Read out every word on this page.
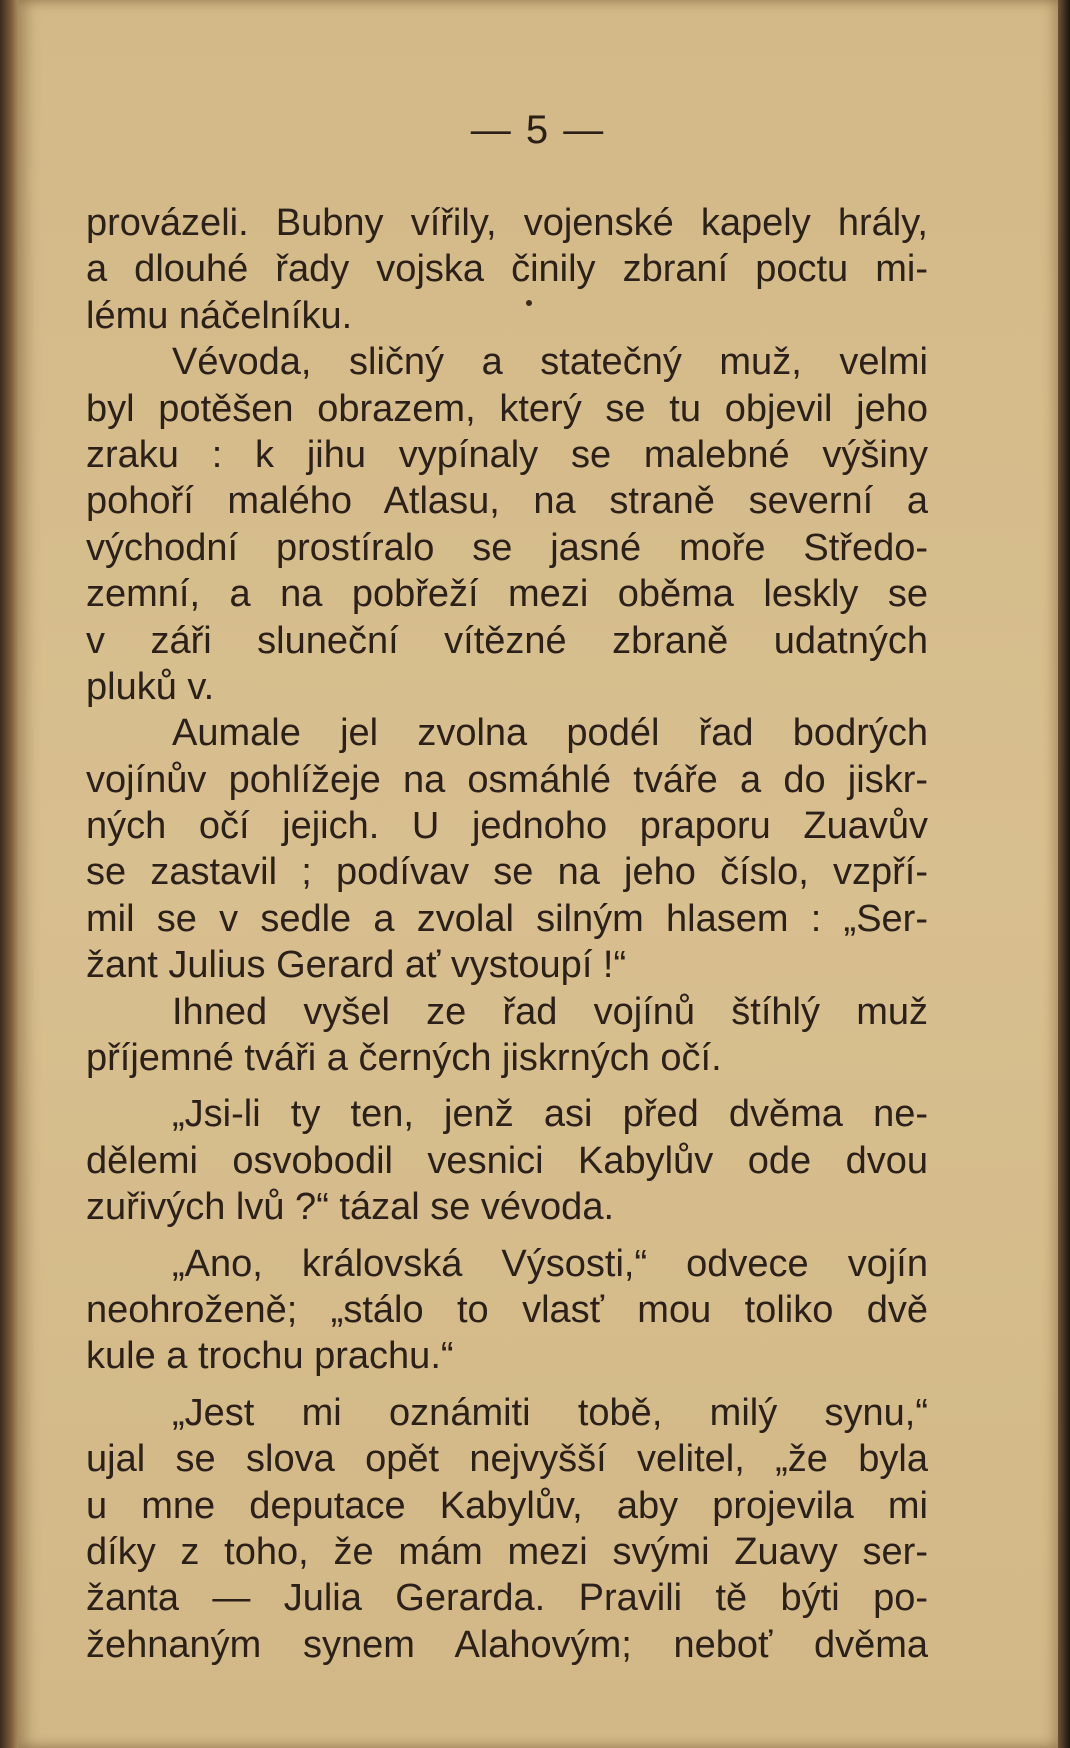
— 5 —
provázeli. Bubny vířily, vojenské kapely hrály,
a dlouhé řady vojska činily zbraní poctu mi-
lému náčelníku.
Vévoda, sličný a statečný muž, velmi
byl potěšen obrazem, který se tu objevil jeho
zraku : k jihu vypínaly se malebné výšiny
pohoří malého Atlasu, na straně severní a
východní prostíralo se jasné moře Středo-
zemní, a na pobřeží mezi oběma leskly se
v záři sluneční vítězné zbraně udatných
pluků v.
Aumale jel zvolna podél řad bodrých
vojínův pohlížeje na osmáhlé tváře a do jiskr-
ných očí jejich. U jednoho praporu Zuavův
se zastavil ; podívav se na jeho číslo, vzpří-
mil se v sedle a zvolal silným hlasem : „Ser-
žant Julius Gerard ať vystoupí !“
Ihned vyšel ze řad vojínů štíhlý muž
příjemné tváři a černých jiskrných očí.
„Jsi-li ty ten, jenž asi před dvěma ne-
dělemi osvobodil vesnici Kabylův ode dvou
zuřivých lvů ?“ tázal se vévoda.
„Ano, královská Výsosti,“ odvece vojín
neohroženě; „stálo to vlasť mou toliko dvě
kule a trochu prachu.“
„Jest mi oznámiti tobě, milý synu,“
ujal se slova opět nejvyšší velitel, „že byla
u mne deputace Kabylův, aby projevila mi
díky z toho, že mám mezi svými Zuavy ser-
žanta — Julia Gerarda. Pravili tě býti po-
žehnaným synem Alahovým; neboť dvěma
